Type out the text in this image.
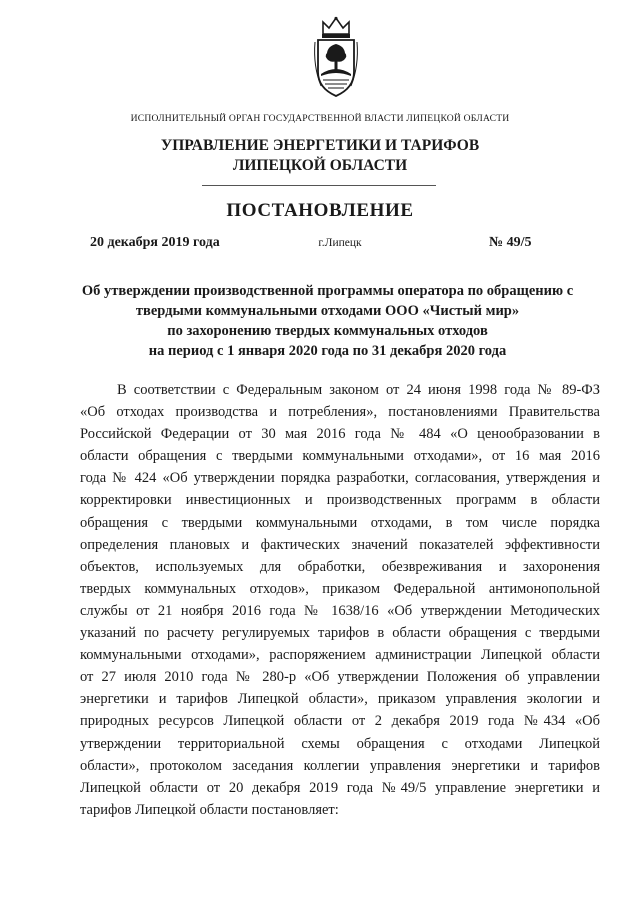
ИСПОЛНИТЕЛЬНЫЙ ОРГАН ГОСУДАРСТВЕННОЙ ВЛАСТИ ЛИПЕЦКОЙ ОБЛАСТИ
УПРАВЛЕНИЕ ЭНЕРГЕТИКИ И ТАРИФОВ
ЛИПЕЦКОЙ ОБЛАСТИ
ПОСТАНОВЛЕНИЕ
20 декабря 2019 года	г.Липецк	№ 49/5
Об утверждении производственной программы оператора по обращению с
твердыми коммунальными отходами ООО «Чистый мир»
по захоронению твердых коммунальных отходов
на период с 1 января 2020 года по 31 декабря 2020 года
В соответствии с Федеральным законом от 24 июня 1998 года № 89-ФЗ
«Об отходах производства и потребления», постановлениями Правительства
Российской Федерации от 30 мая 2016 года № 484 «О ценообразовании в
области обращения с твердыми коммунальными отходами», от 16 мая 2016
года № 424 «Об утверждении порядка разработки, согласования, утверждения и
корректировки инвестиционных и производственных программ в области
обращения с твердыми коммунальными отходами, в том числе порядка
определения плановых и фактических значений показателей эффективности
объектов, используемых для обработки, обезвреживания и захоронения
твердых коммунальных отходов», приказом Федеральной антимонопольной
службы от 21 ноября 2016 года № 1638/16 «Об утверждении Методических
указаний по расчету регулируемых тарифов в области обращения с твердыми
коммунальными отходами», распоряжением администрации Липецкой области
от 27 июля 2010 года № 280-р «Об утверждении Положения об управлении
энергетики и тарифов Липецкой области», приказом управления экологии и
природных ресурсов Липецкой области от 2 декабря 2019 года №434 «Об
утверждении территориальной схемы обращения с отходами Липецкой
области», протоколом заседания коллегии управления энергетики и тарифов
Липецкой области от 20 декабря 2019 года №49/5 управление энергетики и
тарифов Липецкой области постановляет:
